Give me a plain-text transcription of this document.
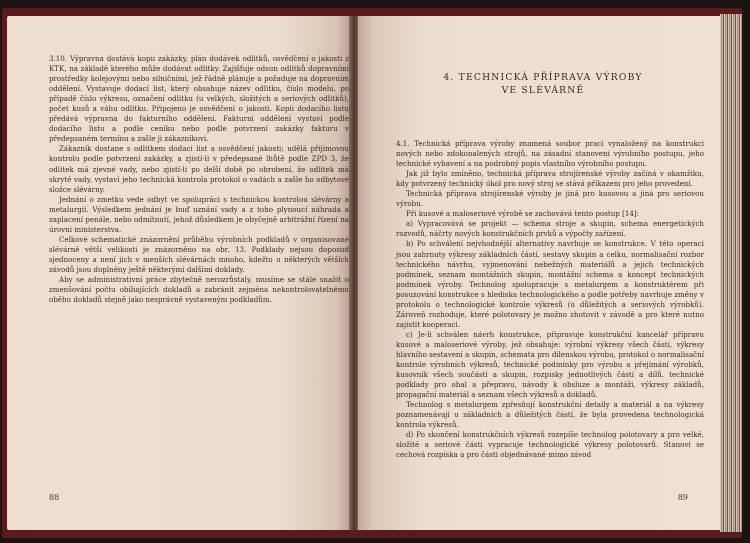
3.10. Výpravna dostává kopii zakázky, plán dodávek odlitků, osvědčení o jakosti z KTK, na základě kterého může dodávat odlitky. Zajišťuje odsun odlitků dopravními prostředky kolejovými nebo silničními, jež řádně plánuje a požaduje na dopravním oddělení. Vystavuje dodací list, který obsahuje název odlitku, číslo modelu, po případě číslo výkresu, označení odlitku (u velkých, složitých a seriových odlitků), počet kusů a váhu odlitku. Připojeno je osvědčení o jakosti. Kopii dodacího listu předává výpravna do fakturního oddělení. Fakturní oddělení vystaví podle dodacího listu a podle ceníku nebo podle potvrzení zakázky fakturu v předepsaném termínu a zašle ji zákazníkovi.

Zákazník dostane s odlitkem dodací list a osvědčení jakosti; udělá přijímovou kontrolu podle potvrzení zakázky, a zjistí-li v předepsané lhůtě podle ZPD 3, že odlitek má zjevné vady, nebo zjistí-li po delší době po obrobení, že odlitek má skryté vady, vystaví jeho technická kontrola protokol o vadách a zašle ho odbytové složce slévárny.

Jednání o zmetku vede odbyt ve spolupráci s technickou kontrolou slévárny a metalurgií. Výsledkem jednání je buď uznání vady a z toho plynoucí náhrada a zaplacení penále, nebo odmítnutí, jehož důsledkem je obyčejně arbitrážní řízení na úrovni ministerstva.

Celkové schematické znázornění průběhu výrobních podkladů v organisované slévárně větší velikosti je znázorněno na obr. 13. Podklady nejsou doposud sjednoceny a není jich v menších slévárnách mnoho, kdežto u některých větších závodů jsou doplněny ještě některými dalšími doklady.

Aby se administrativní práce zbytečně nerozrůstaly, musíme se stále snažit o zmenšování počtu obíhajících dokladů a zabránit zejména nekontrolovatelnému oběhu dokladů stejně jako nesprávně vystaveným podkladům.

88
4. TECHNICKÁ PŘÍPRAVA VÝROBY
VE SLÉVÁRNĚ

4.1. Technická příprava výroby znamená soubor prací vynaložený na konstrukci nových nebo zdokonalených strojů, na zásadní stanovení výrobního postupu, jeho technické vybavení a na podrobný popis vlastního výrobního postupu.

Jak již bylo zmíněno, technická příprava strojírenské výroby začíná v okamžiku, kdy potvrzený technický úkol pro nový stroj se stává příkazem pro jeho provedení.

Technická příprava strojírenské výroby je jiná pro kusovou a jiná pro seriovou výrobu.

Při kusové a maloseriové výrobě se zachovává tento postup [14]:

a) Vypracovává se projekt — schema stroje a skupin, schema energetických rozvodů, náčrty nových konstrukčních prvků a výpočty zařízení.

b) Po schválení nejvhodnější alternativy navrhuje se konstrukce. V této operaci jsou zahrnuty výkresy základních částí, sestavy skupin a celku, normalisační rozbor technického návrhu, vyjmenování nebežných materiálů a jejich technických podmínek, seznam montážních skupin, montážní schema a koncept technických podmínek výroby. Technolog spolupracuje s metalurgem a konstruktérem při posuzování konstrukce s hlediska technologického a podle potřeby navrhuje změny v protokolu o technologické kontrole výkresů (u důležitých a seriových výrobků). Zároveň rozhoduje, které polotovary je možno zhotovit v závodě a pro které nutno zajistit kooperaci.

c) Je-li schválen návrh konstrukce, připravuje konstrukční kancelář přípravu kusové a maloseriové výroby, jež obsahuje: výrobní výkresy všech částí, výkresy hlavního sestavení a skupin, schemata pro dílenskou výrobu, protokol o normalisační kontrole výrobních výkresů, technické podmínky pro výrobu a přejímání výrobků, kusovník všech součástí a skupin, rozpisky jednotlivých částí a dílů, technické podklady pro obal a přepravu, návody k obsluze a montáži, výkresy základů, propagační materiál a seznam všech výkresů a dokladů.

Technolog s metalurgem zpřesňují konstrukční detaily a materiál a na výkresy poznamenávají u základních a důležitých částí, že byla provedena technologická kontrola výkresů.

d) Po skončení konstrukčních výkresů rozepíše technolog polotovary a pro velké, složité a seriové části vypracuje technologické výkresy polotovarů. Stanoví se cechová rozpiska a pro části objednávané mimo závod

89
